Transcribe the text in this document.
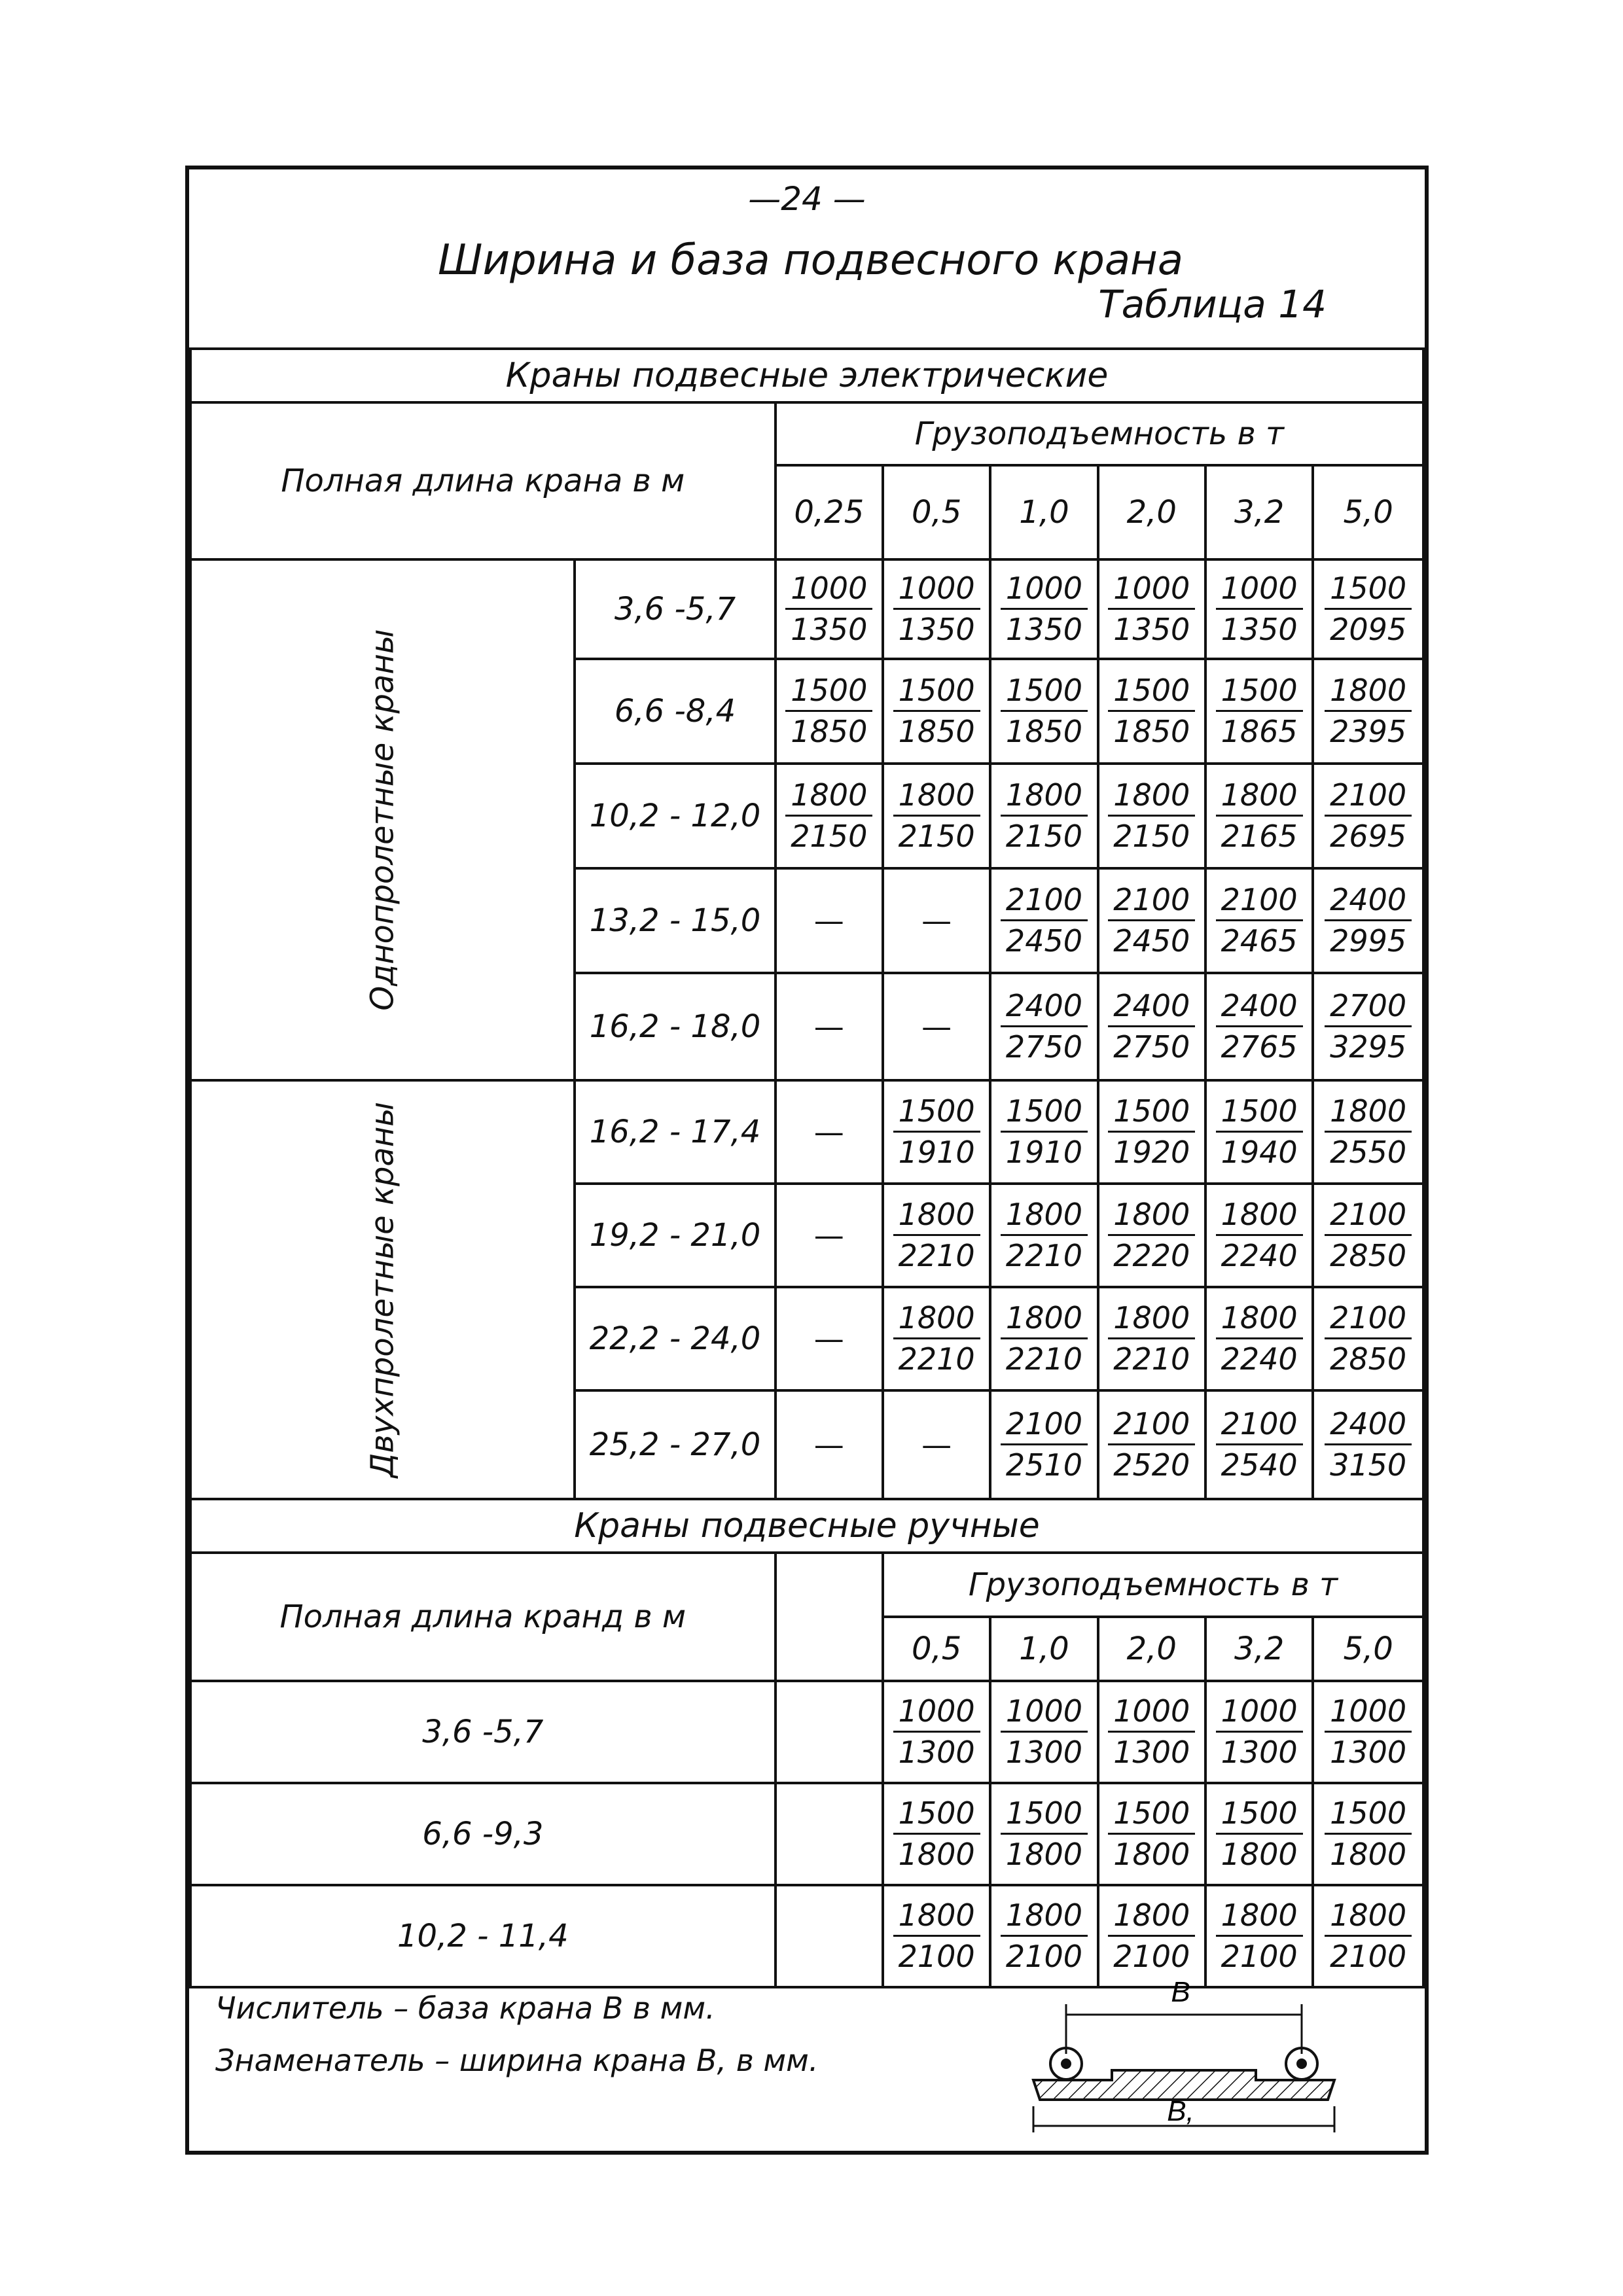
—24 —
Ширина и база подвесного крана
Таблица 14
Краны подвесные электрические							
Полная длина крана в м		Грузоподъемность в т					
		0,25	0,5	1,0	2,0	3,2	5,0

Однопролетные краны	3,6 -5,7	$\frac{1000}{1350}$	$\frac{1000}{1350}$	$\frac{1000}{1350}$	$\frac{1000}{1350}$	$\frac{1000}{1350}$	$\frac{1500}{2095}$

	6,6 -8,4	$\frac{1500}{1850}$	$\frac{1500}{1850}$	$\frac{1500}{1850}$	$\frac{1500}{1850}$	$\frac{1500}{1865}$	$\frac{1800}{2395}$

	10,2 - 12,0	$\frac{1800}{2150}$	$\frac{1800}{2150}$	$\frac{1800}{2150}$	$\frac{1800}{2150}$	$\frac{1800}{2165}$	$\frac{2100}{2695}$

	13,2 - 15,0	—	—	$\frac{2100}{2450}$	$\frac{2100}{2450}$	$\frac{2100}{2465}$	$\frac{2400}{2995}$

	16,2 - 18,0	—	—	$\frac{2400}{2750}$	$\frac{2400}{2750}$	$\frac{2400}{2765}$	$\frac{2700}{3295}$

Двухпролетные краны	16,2 - 17,4	—	$\frac{1500}{1910}$	$\frac{1500}{1910}$	$\frac{1500}{1920}$	$\frac{1500}{1940}$	$\frac{1800}{2550}$

	19,2 - 21,0	—	$\frac{1800}{2210}$	$\frac{1800}{2210}$	$\frac{1800}{2220}$	$\frac{1800}{2240}$	$\frac{2100}{2850}$

	22,2 - 24,0	—	$\frac{1800}{2210}$	$\frac{1800}{2210}$	$\frac{1800}{2210}$	$\frac{1800}{2240}$	$\frac{2100}{2850}$

	25,2 - 27,0	—	—	$\frac{2100}{2510}$	$\frac{2100}{2520}$	$\frac{2100}{2540}$	$\frac{2400}{3150}$

Краны подвесные ручные							
Полная длина кранд в м			Грузоподъемность в т				
			0,5	1,0	2,0	3,2	5,0
3,6 -5,7			$\frac{1000}{1300}$	$\frac{1000}{1300}$	$\frac{1000}{1300}$	$\frac{1000}{1300}$	$\frac{1000}{1300}$

6,6 -9,3			$\frac{1500}{1800}$	$\frac{1500}{1800}$	$\frac{1500}{1800}$	$\frac{1500}{1800}$	$\frac{1500}{1800}$

10,2 - 11,4			$\frac{1800}{2100}$	$\frac{1800}{2100}$	$\frac{1800}{2100}$	$\frac{1800}{2100}$	$\frac{1800}{2100}$
Числитель – база крана В в мм.
Знаменатель – ширина крана В, в мм.
В
В,
